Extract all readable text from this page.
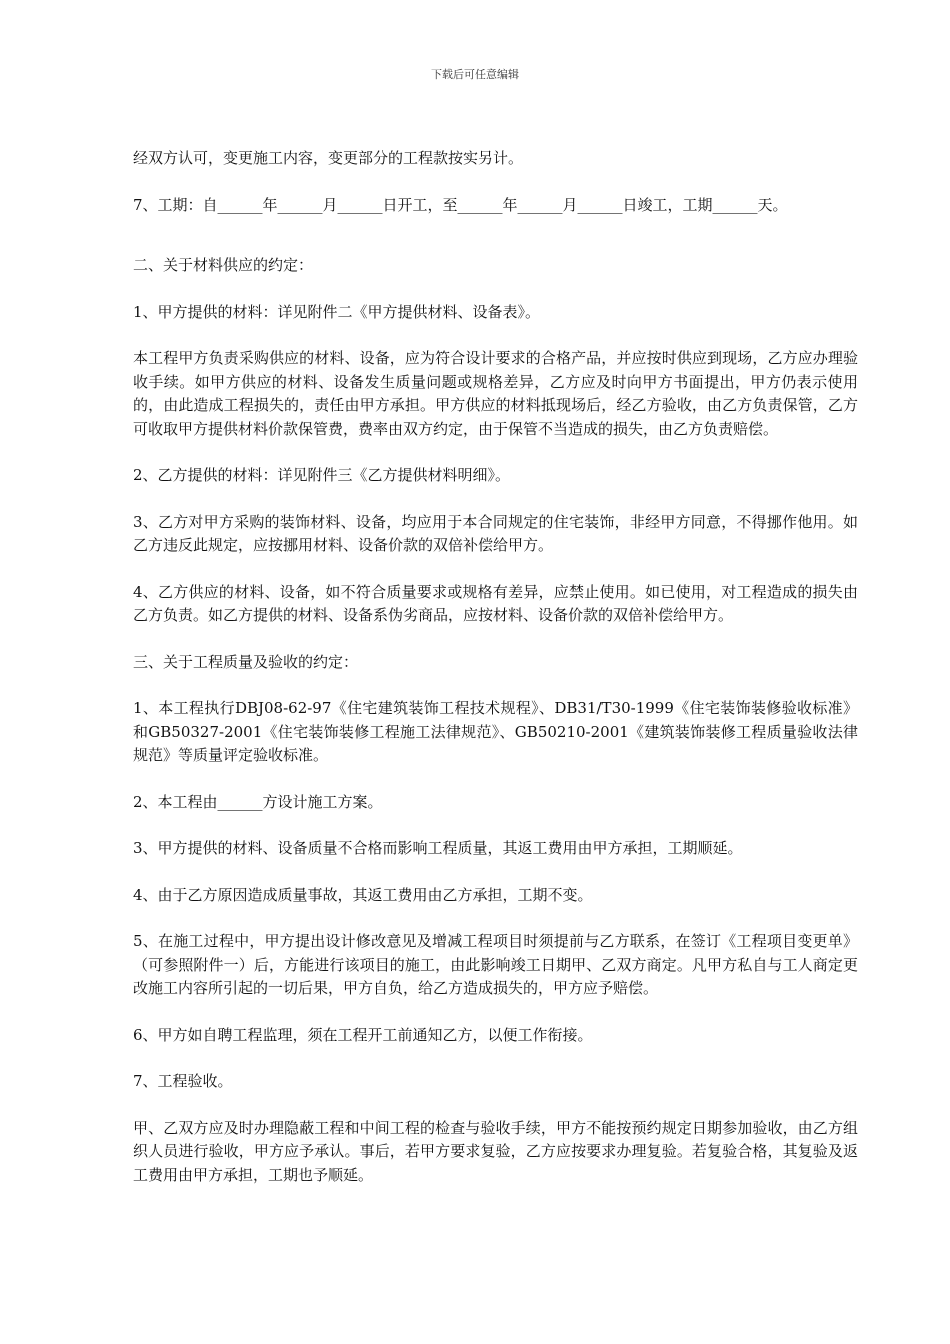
下载后可任意编辑

经双方认可，变更施工内容，变更部分的工程款按实另计。

7、工期：自______年______月______日开工，至______年______月______日竣工，工期______天。

二、关于材料供应的约定：

1、甲方提供的材料：详见附件二《甲方提供材料、设备表》。

本工程甲方负责采购供应的材料、设备，应为符合设计要求的合格产品，并应按时供应到现场，乙方应办理验收手续。如甲方供应的材料、设备发生质量问题或规格差异，乙方应及时向甲方书面提出，甲方仍表示使用的，由此造成工程损失的，责任由甲方承担。甲方供应的材料抵现场后，经乙方验收，由乙方负责保管，乙方可收取甲方提供材料价款保管费，费率由双方约定，由于保管不当造成的损失，由乙方负责赔偿。

2、乙方提供的材料：详见附件三《乙方提供材料明细》。

3、乙方对甲方采购的装饰材料、设备，均应用于本合同规定的住宅装饰，非经甲方同意，不得挪作他用。如乙方违反此规定，应按挪用材料、设备价款的双倍补偿给甲方。

4、乙方供应的材料、设备，如不符合质量要求或规格有差异，应禁止使用。如已使用，对工程造成的损失由乙方负责。如乙方提供的材料、设备系伪劣商品，应按材料、设备价款的双倍补偿给甲方。

三、关于工程质量及验收的约定：

1、本工程执行DBJ08-62-97《住宅建筑装饰工程技术规程》、DB31/T30-1999《住宅装饰装修验收标准》和GB50327-2001《住宅装饰装修工程施工法律规范》、GB50210-2001《建筑装饰装修工程质量验收法律规范》等质量评定验收标准。

2、本工程由______方设计施工方案。

3、甲方提供的材料、设备质量不合格而影响工程质量，其返工费用由甲方承担，工期顺延。

4、由于乙方原因造成质量事故，其返工费用由乙方承担，工期不变。

5、在施工过程中，甲方提出设计修改意见及增减工程项目时须提前与乙方联系，在签订《工程项目变更单》（可参照附件一）后，方能进行该项目的施工，由此影响竣工日期甲、乙双方商定。凡甲方私自与工人商定更改施工内容所引起的一切后果，甲方自负，给乙方造成损失的，甲方应予赔偿。

6、甲方如自聘工程监理，须在工程开工前通知乙方，以便工作衔接。

7、工程验收。

甲、乙双方应及时办理隐蔽工程和中间工程的检查与验收手续，甲方不能按预约规定日期参加验收，由乙方组织人员进行验收，甲方应予承认。事后，若甲方要求复验，乙方应按要求办理复验。若复验合格，其复验及返工费用由甲方承担，工期也予顺延。
